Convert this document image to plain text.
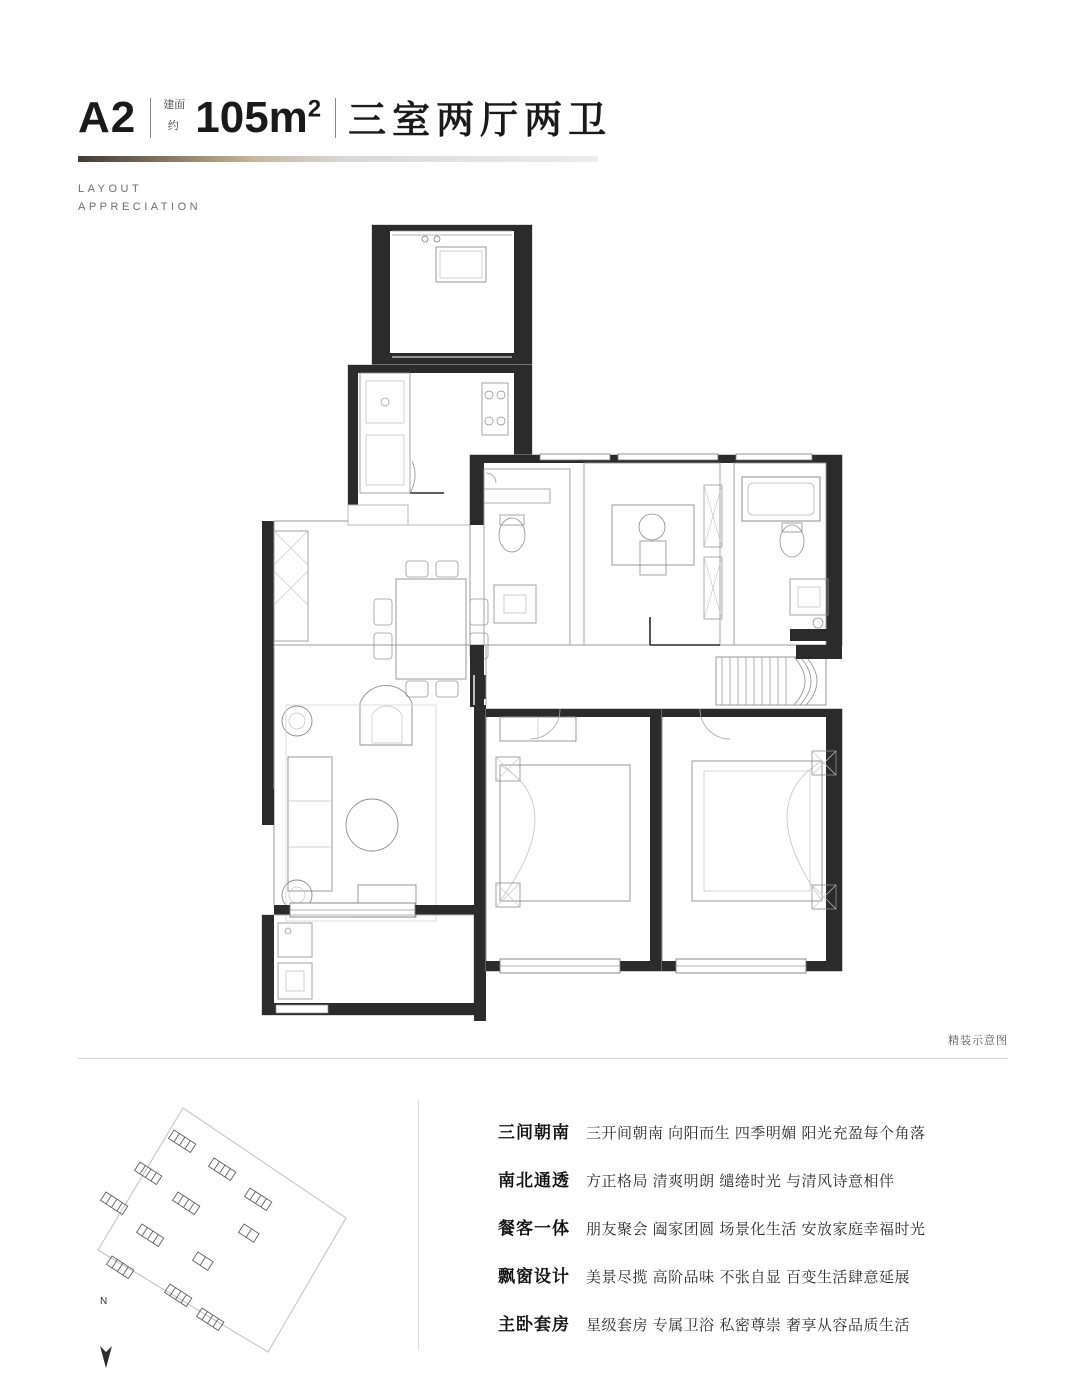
A2 建面
约 $105m^2$ 三室两厅两卫
LAYOUT
APPRECIATION
精装示意图
N
三间朝南 三开间朝南 向阳而生 四季明媚 阳光充盈每个角落
南北通透 方正格局 清爽明朗 缱绻时光 与清风诗意相伴
餐客一体 朋友聚会 阖家团圆 场景化生活 安放家庭幸福时光
飘窗设计 美景尽揽 高阶品味 不张自显 百变生活肆意延展
主卧套房 星级套房 专属卫浴 私密尊崇 奢享从容品质生活
